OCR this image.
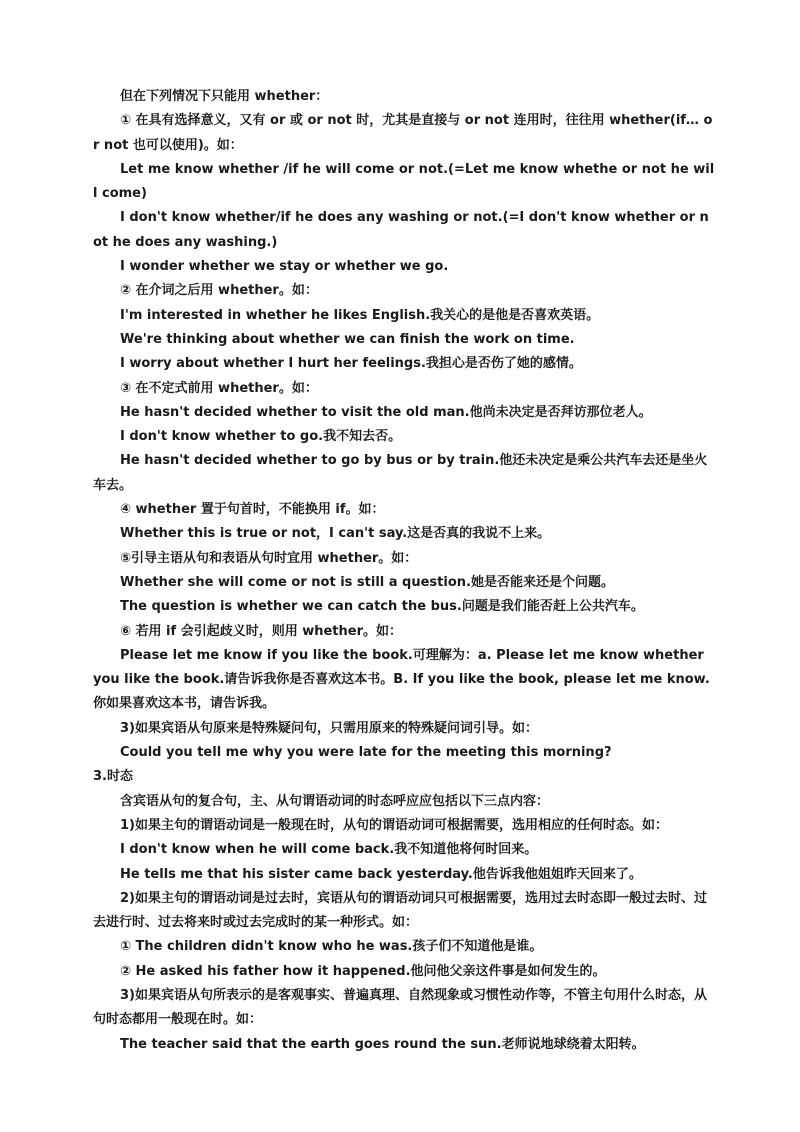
但在下列情况下只能用 whether：

① 在具有选择意义，又有 or 或 or not 时，尤其是直接与 or not 连用时，往往用 whether(if… or not 也可以使用)。如：

Let me know whether /if he will come or not.(=Let me know whethe or not he will come)

I don't know whether/if he does any washing or not.(=I don't know whether or not he does any washing.)

I wonder whether we stay or whether we go.

② 在介词之后用 whether。如：

I'm interested in whether he likes English.我关心的是他是否喜欢英语。

We're thinking about whether we can finish the work on time.

I worry about whether I hurt her feelings.我担心是否伤了她的感情。

③ 在不定式前用 whether。如：

He hasn't decided whether to visit the old man.他尚未决定是否拜访那位老人。

I don't know whether to go.我不知去否。

He hasn't decided whether to go by bus or by train.他还未决定是乘公共汽车去还是坐火车去。

④ whether 置于句首时，不能换用 if。如：

Whether this is true or not，I can't say.这是否真的我说不上来。

⑤引导主语从句和表语从句时宜用 whether。如：

Whether she will come or not is still a question.她是否能来还是个问题。

The question is whether we can catch the bus.问题是我们能否赶上公共汽车。

⑥ 若用 if 会引起歧义时，则用 whether。如：

Please let me know if you like the book.可理解为：a. Please let me know whether you like the book.请告诉我你是否喜欢这本书。B. If you like the book, please let me know.你如果喜欢这本书，请告诉我。

3)如果宾语从句原来是特殊疑问句，只需用原来的特殊疑问词引导。如：

Could you tell me why you were late for the meeting this morning?

3.时态

含宾语从句的复合句，主、从句谓语动词的时态呼应应包括以下三点内容：

1)如果主句的谓语动词是一般现在时，从句的谓语动词可根据需要，选用相应的任何时态。如：

I don't know when he will come back.我不知道他将何时回来。

He tells me that his sister came back yesterday.他告诉我他姐姐昨天回来了。

2)如果主句的谓语动词是过去时，宾语从句的谓语动词只可根据需要，选用过去时态即一般过去时、过去进行时、过去将来时或过去完成时的某一种形式。如：

① The children didn't know who he was.孩子们不知道他是谁。

② He asked his father how it happened.他问他父亲这件事是如何发生的。

3)如果宾语从句所表示的是客观事实、普遍真理、自然现象或习惯性动作等，不管主句用什么时态，从句时态都用一般现在时。如：

The teacher said that the earth goes round the sun.老师说地球绕着太阳转。
